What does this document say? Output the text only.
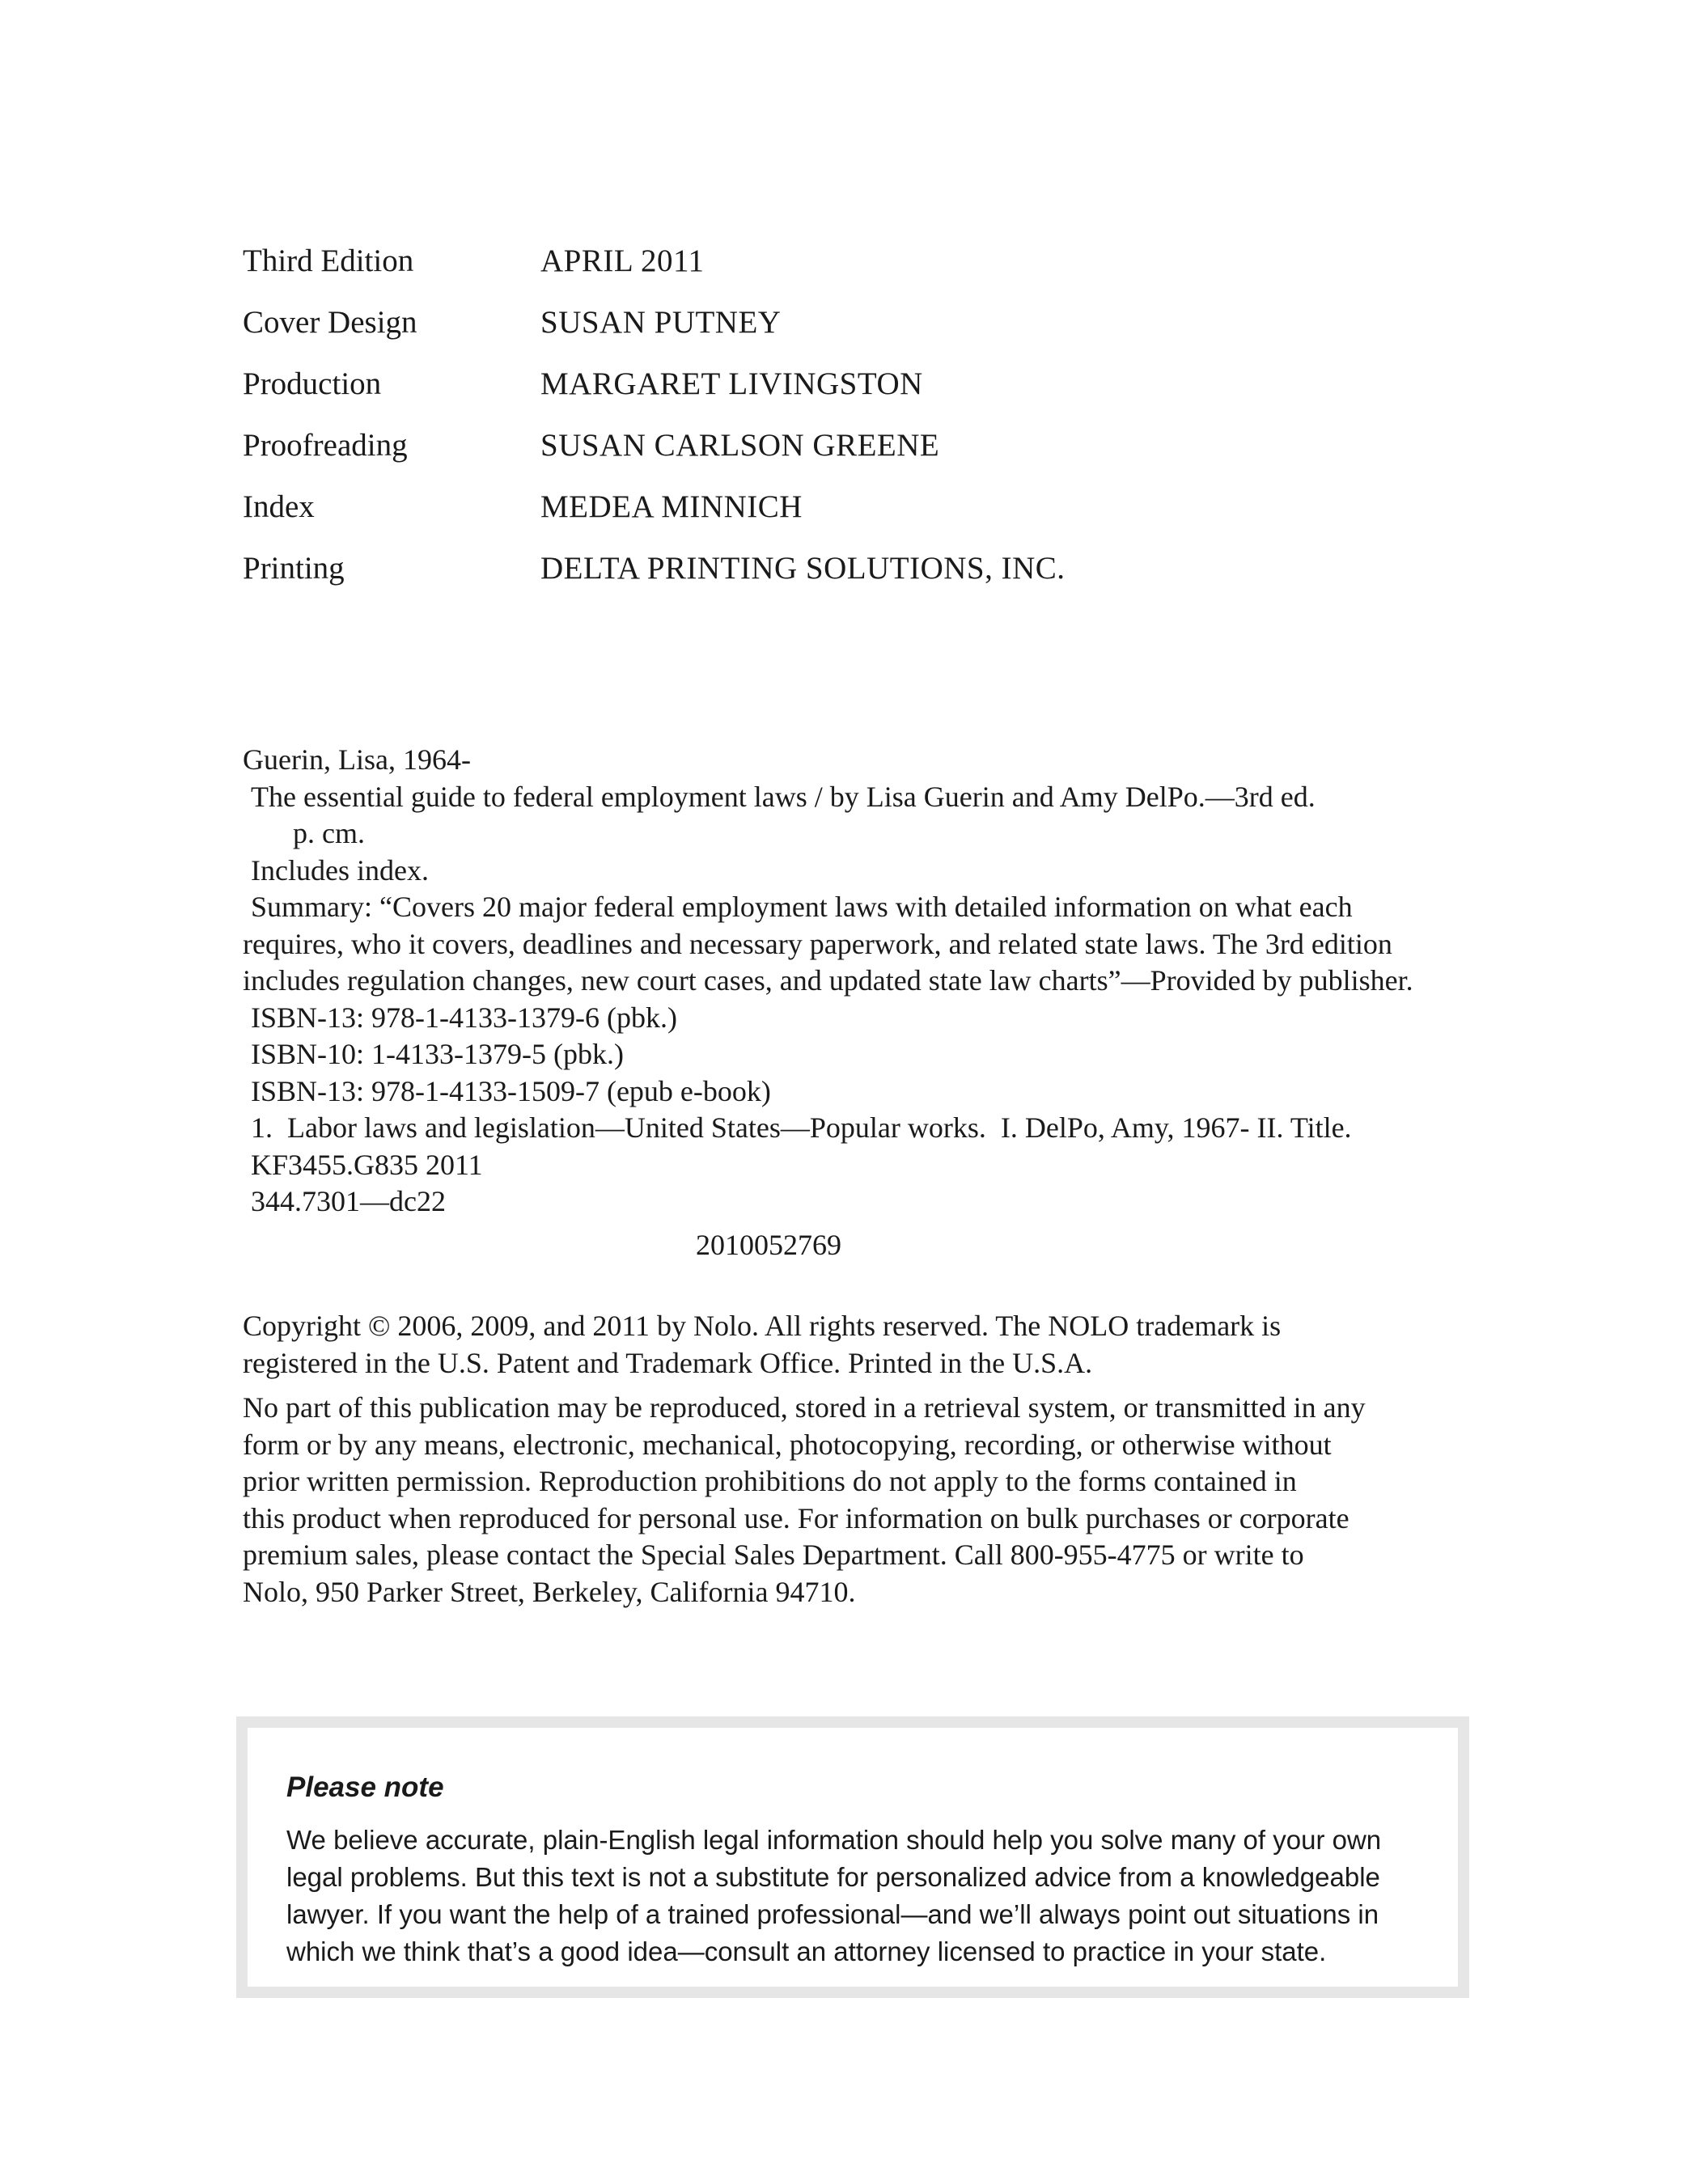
Third Edition	APRIL 2011
Cover Design	SUSAN PUTNEY
Production	MARGARET LIVINGSTON
Proofreading	SUSAN CARLSON GREENE
Index	MEDEA MINNICH
Printing	DELTA PRINTING SOLUTIONS, INC.
Guerin, Lisa, 1964-
The essential guide to federal employment laws / by Lisa Guerin and Amy DelPo.—3rd ed.
p. cm.
Includes index.
Summary: “Covers 20 major federal employment laws with detailed information on what each
requires, who it covers, deadlines and necessary paperwork, and related state laws. The 3rd edition
includes regulation changes, new court cases, and updated state law charts”—Provided by publisher.
ISBN-13: 978-1-4133-1379-6 (pbk.)
ISBN-10: 1-4133-1379-5 (pbk.)
ISBN-13: 978-1-4133-1509-7 (epub e-book)
1.  Labor laws and legislation—United States—Popular works.  I. DelPo, Amy, 1967- II. Title.
KF3455.G835 2011
344.7301—dc22
2010052769
Copyright © 2006, 2009, and 2011 by Nolo. All rights reserved. The NOLO trademark is
registered in the U.S. Patent and Trademark Office. Printed in the U.S.A.
No part of this publication may be reproduced, stored in a retrieval system, or transmitted in any
form or by any means, electronic, mechanical, photocopying, recording, or otherwise without
prior written permission. Reproduction prohibitions do not apply to the forms contained in
this product when reproduced for personal use. For information on bulk purchases or corporate
premium sales, please contact the Special Sales Department. Call 800-955-4775 or write to
Nolo, 950 Parker Street, Berkeley, California 94710.
Please note
We believe accurate, plain-English legal information should help you solve many of your own
legal problems. But this text is not a substitute for personalized advice from a knowledgeable
lawyer. If you want the help of a trained professional—and we’ll always point out situations in
which we think that’s a good idea—consult an attorney licensed to practice in your state.
